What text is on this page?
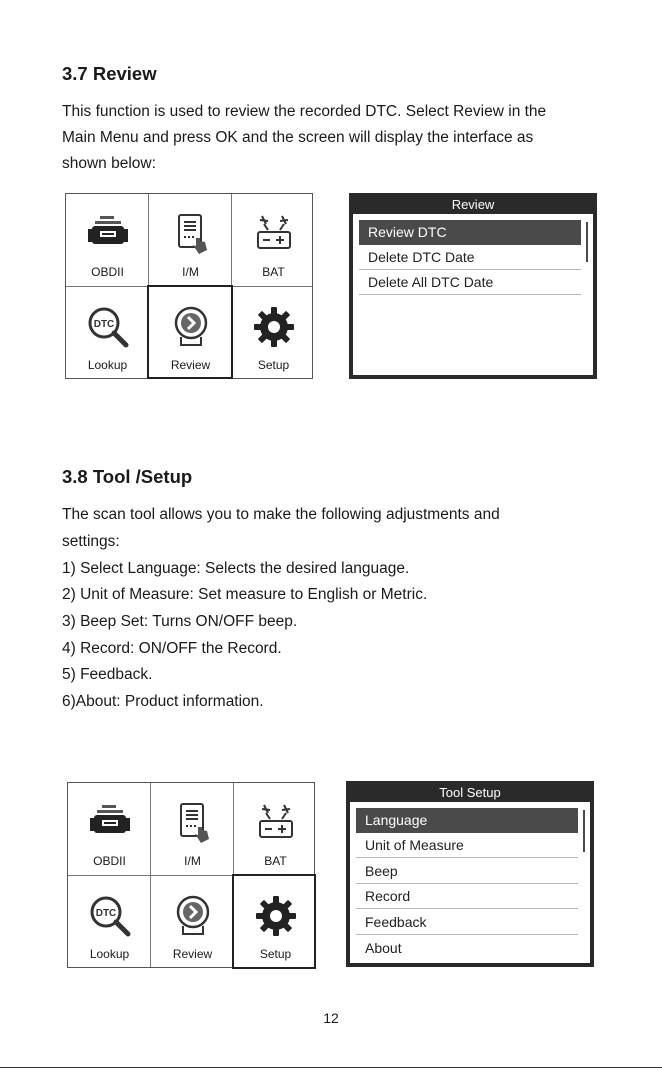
3.7 Review
This function is used to review the recorded DTC. Select Review in the
Main Menu and press OK and the screen will display the interface as
shown below:
OBDII	I/M	BAT
DTC
Lookup	Review	Setup
Review
Review DTC
Delete DTC Date
Delete All DTC Date
3.8 Tool /Setup
The scan tool allows you to make the following adjustments and
settings:
1) Select Language: Selects the desired language.
2) Unit of Measure: Set measure to English or Metric.
3) Beep Set: Turns ON/OFF beep.
4) Record: ON/OFF the Record.
5) Feedback.
6)About: Product information.
OBDII	I/M	BAT
DTC
Lookup	Review	Setup
Tool Setup
Language
Unit of Measure
Beep
Record
Feedback
About
12
